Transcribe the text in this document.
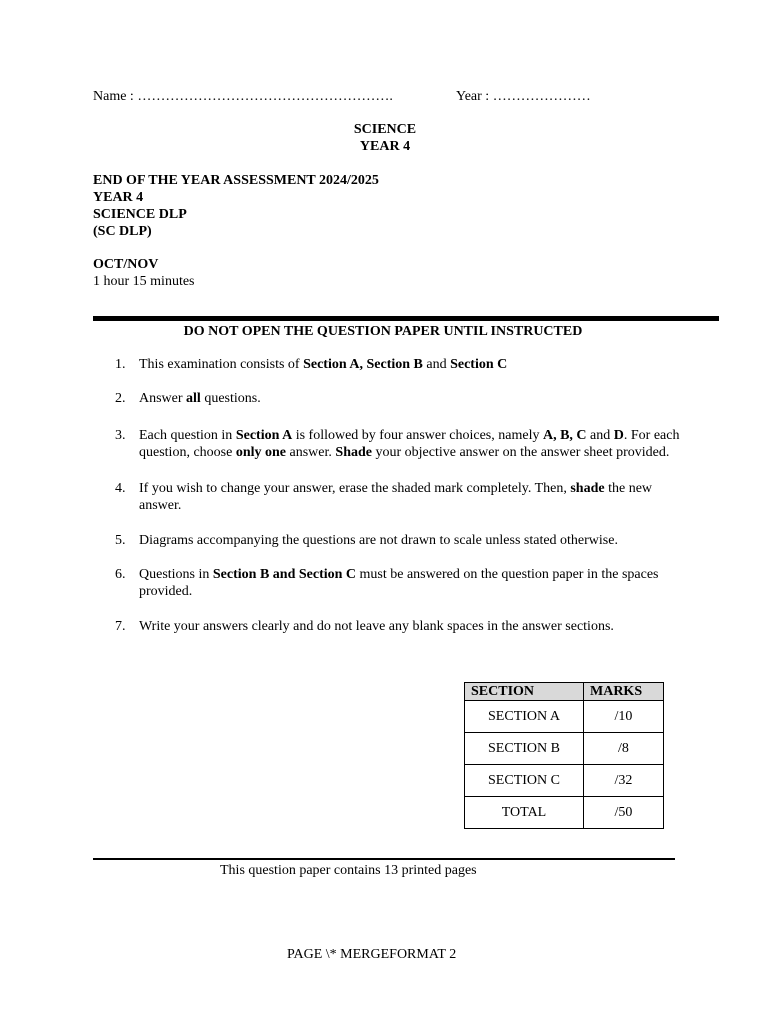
Name : ……………………………………………….	Year : …………………
SCIENCE
YEAR 4
END OF THE YEAR ASSESSMENT 2024/2025
YEAR 4
SCIENCE DLP
(SC DLP)
OCT/NOV
1 hour 15 minutes
DO NOT OPEN THE QUESTION PAPER UNTIL INSTRUCTED
1. This examination consists of Section A, Section B and Section C
2. Answer all questions.
3. Each question in Section A is followed by four answer choices, namely A, B, C and D. For each question, choose only one answer. Shade your objective answer on the answer sheet provided.
4. If you wish to change your answer, erase the shaded mark completely. Then, shade the new answer.
5. Diagrams accompanying the questions are not drawn to scale unless stated otherwise.
6. Questions in Section B and Section C must be answered on the question paper in the spaces provided.
7. Write your answers clearly and do not leave any blank spaces in the answer sections.
SECTION	MARKS
SECTION A	/10
SECTION B	/8
SECTION C	/32
TOTAL	/50
This question paper contains 13 printed pages
PAGE \* MERGEFORMAT 2
